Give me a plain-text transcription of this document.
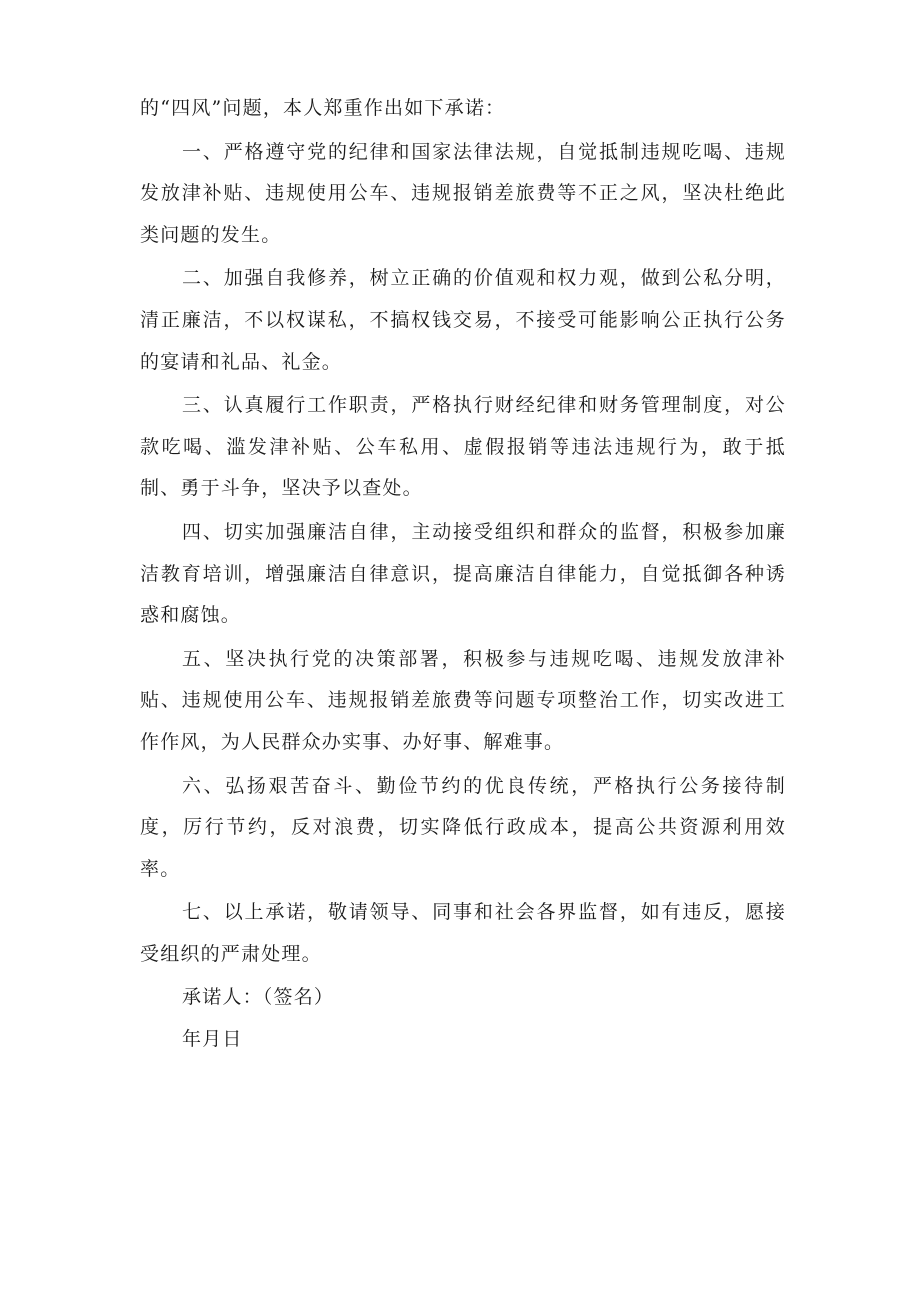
的“四风”问题，本人郑重作出如下承诺：

一、严格遵守党的纪律和国家法律法规，自觉抵制违规吃喝、违规发放津补贴、违规使用公车、违规报销差旅费等不正之风，坚决杜绝此类问题的发生。

二、加强自我修养，树立正确的价值观和权力观，做到公私分明，清正廉洁，不以权谋私，不搞权钱交易，不接受可能影响公正执行公务的宴请和礼品、礼金。

三、认真履行工作职责，严格执行财经纪律和财务管理制度，对公款吃喝、滥发津补贴、公车私用、虚假报销等违法违规行为，敢于抵制、勇于斗争，坚决予以查处。

四、切实加强廉洁自律，主动接受组织和群众的监督，积极参加廉洁教育培训，增强廉洁自律意识，提高廉洁自律能力，自觉抵御各种诱惑和腐蚀。

五、坚决执行党的决策部署，积极参与违规吃喝、违规发放津补贴、违规使用公车、违规报销差旅费等问题专项整治工作，切实改进工作作风，为人民群众办实事、办好事、解难事。

六、弘扬艰苦奋斗、勤俭节约的优良传统，严格执行公务接待制度，厉行节约，反对浪费，切实降低行政成本，提高公共资源利用效率。

七、以上承诺，敬请领导、同事和社会各界监督，如有违反，愿接受组织的严肃处理。

承诺人：（签名）

年月日
